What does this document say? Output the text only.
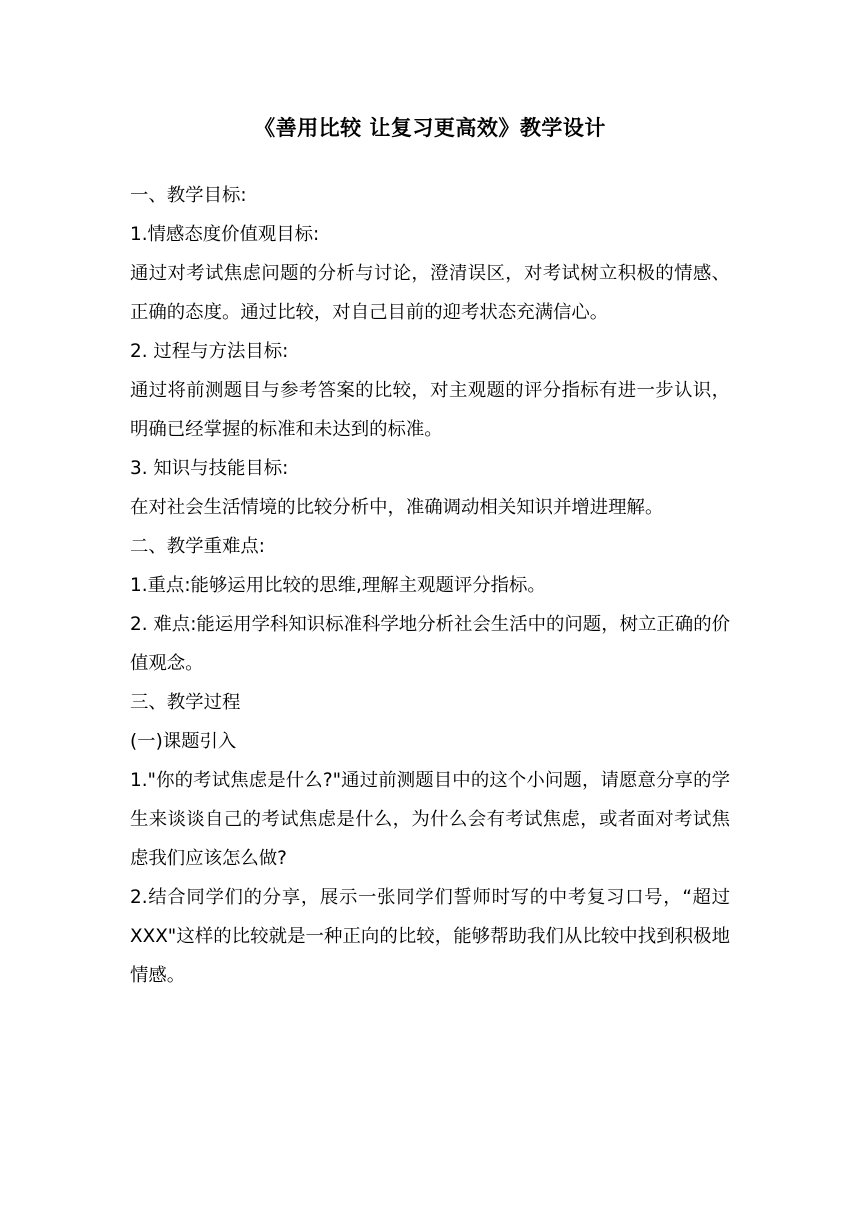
《善用比较 让复习更高效》教学设计

一、教学目标:

1.情感态度价值观目标:

通过对考试焦虑问题的分析与讨论，澄清误区，对考试树立积极的情感、正确的态度。通过比较，对自己目前的迎考状态充满信心。

2. 过程与方法目标:

通过将前测题目与参考答案的比较，对主观题的评分指标有进一步认识，明确已经掌握的标准和未达到的标准。

3. 知识与技能目标:

在对社会生活情境的比较分析中，准确调动相关知识并增进理解。

二、教学重难点:

1.重点:能够运用比较的思维,理解主观题评分指标。

2. 难点:能运用学科知识标准科学地分析社会生活中的问题，树立正确的价值观念。

三、教学过程

(一)课题引入

1."你的考试焦虑是什么?"通过前测题目中的这个小问题，请愿意分享的学生来谈谈自己的考试焦虑是什么，为什么会有考试焦虑，或者面对考试焦虑我们应该怎么做?

2.结合同学们的分享，展示一张同学们誓师时写的中考复习口号，“超过 XXX"这样的比较就是一种正向的比较，能够帮助我们从比较中找到积极地情感。
